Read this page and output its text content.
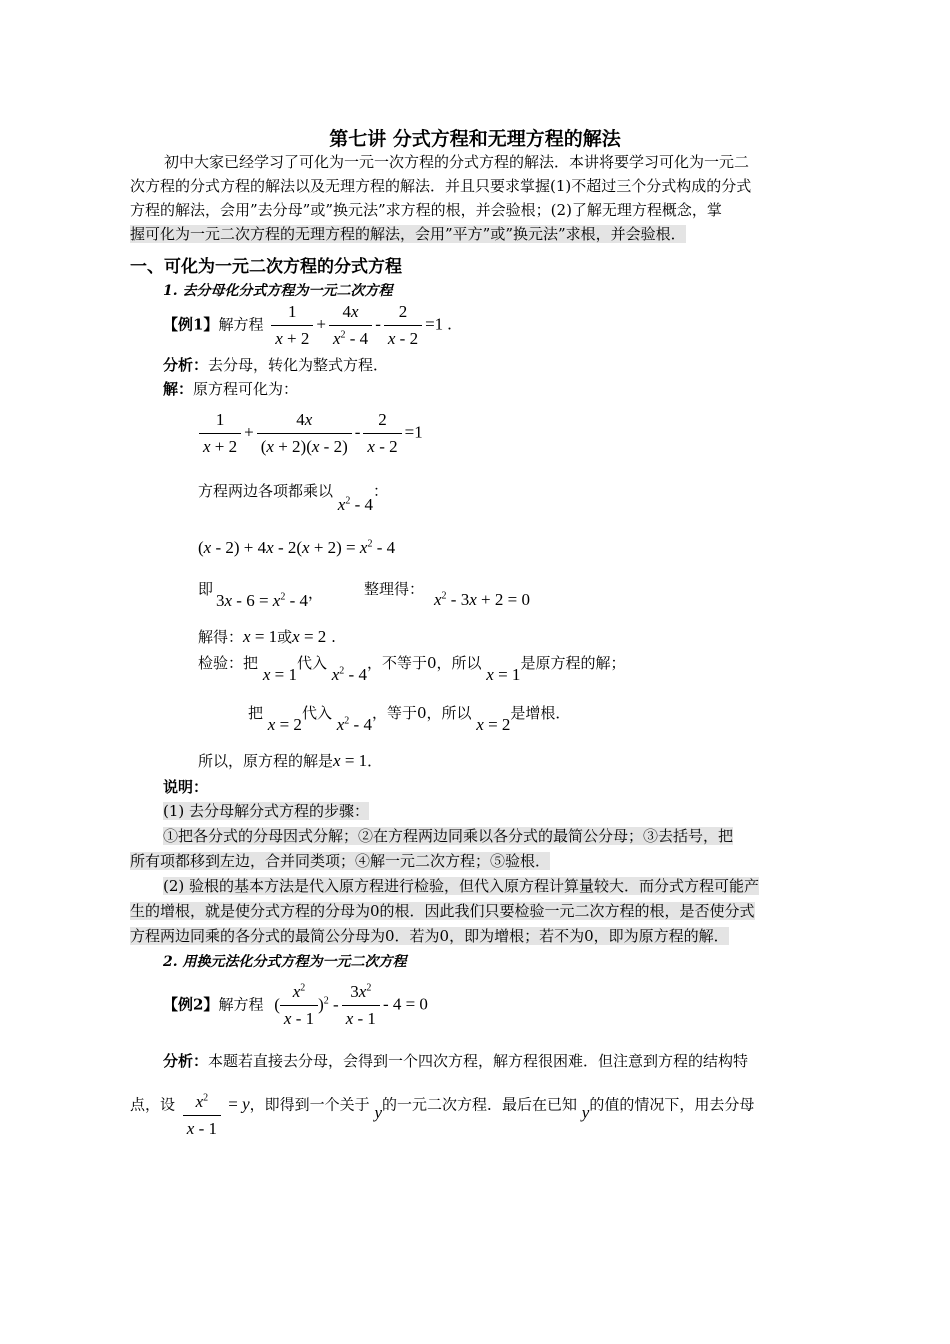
第七讲 分式方程和无理方程的解法
初中大家已经学习了可化为一元一次方程的分式方程的解法．本讲将要学习可化为一元二
次方程的分式方程的解法以及无理方程的解法．并且只要求掌握(1)不超过三个分式构成的分式
方程的解法，会用”去分母”或”换元法”求方程的根，并会验根；(2)了解无理方程概念，掌
握可化为一元二次方程的无理方程的解法，会用”平方”或”换元法”求根，并会验根．
一、可化为一元二次方程的分式方程
1. 去分母化分式方程为一元二次方程
【例1】解方程 $\frac{1}{x + 2} + \frac{4x}{x^2 - 4} - \frac{2}{x - 2} =1$ .
分析：去分母，转化为整式方程．
解：原方程可化为：
$\frac{1}{x + 2} + \frac{4x}{(x + 2)(x - 2)} - \frac{2}{x - 2} =1$
方程两边各项都乘以 $x^2 - 4$：
$(x - 2) + 4x - 2(x + 2) = x^2 - 4$
即
$3x - 6 = x^2 - 4$，	整理得：
$x^2 - 3x + 2 = 0$
解得：x = 1或x = 2 .
检验：把 x = 1代入 $x^2 - 4$，不等于0，所以 x = 1是原方程的解；
把 x = 2代入 $x^2 - 4$，等于0，所以 x = 2是增根．
所以，原方程的解是x = 1．
说明：
(1) 去分母解分式方程的步骤：
①把各分式的分母因式分解；②在方程两边同乘以各分式的最简公分母；③去括号，把
所有项都移到左边，合并同类项；④解一元二次方程；⑤验根．
(2) 验根的基本方法是代入原方程进行检验，但代入原方程计算量较大．而分式方程可能产
生的增根，就是使分式方程的分母为0的根．因此我们只要检验一元二次方程的根，是否使分式
方程两边同乘的各分式的最简公分母为0．若为0，即为增根；若不为0，即为原方程的解．
2. 用换元法化分式方程为一元二次方程
【例2】解方程 ( $\frac{x^2}{x - 1} )^2 - \frac{3x^2}{x - 1} - 4 = 0$
分析：本题若直接去分母，会得到一个四次方程，解方程很困难．但注意到方程的结构特
点，设 $\frac{x^2}{x - 1} = y$，即得到一个关于 y的一元二次方程．最后在已知 y的值的情况下，用去分母
